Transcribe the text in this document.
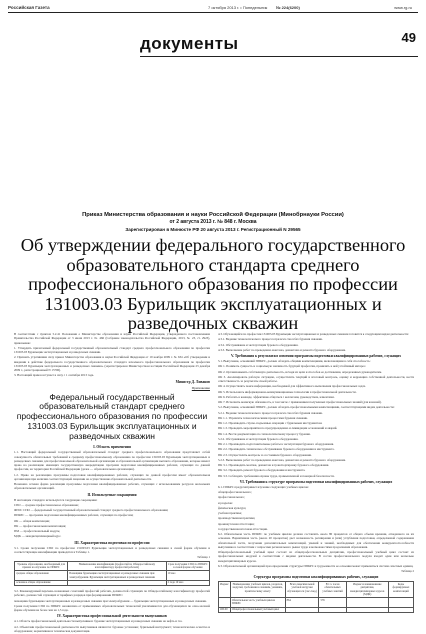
Российская Газета	7 октября 2013 г. • Понедельник № 224(6200)	www.rg.ru
документы	49
Приказ Министерства образования и науки Российской Федерации (Минобрнауки России)
от 2 августа 2013 г. № 848 г. Москва
Зарегистрирован в Минюсте РФ 20 августа 2013 г. Регистрационный N 29565
Об утверждении федерального государственного образовательного стандарта среднего профессионального образования по профессии 131003.03 Бурильщик эксплуатационных и разведочных скважин

В соответствии с пунктом 5.2.41 Положения о Министерстве образования и науки Российской Федерации, утвержденного постановлением Правительства Российской Федерации от 3 июня 2013 г. № 466 (Собрание законодательства Российской Федерации, 2013, № 23, ст. 2923), приказываю:

1. Утвердить прилагаемый федеральный государственный образовательный стандарт среднего профессионального образования по профессии 131003.03 Бурильщик эксплуатационных и разведочных скважин.

2. Признать утратившим силу приказ Министерства образования и науки Российской Федерации от 19 ноября 2009 г. № 634 «Об утверждении и введении в действие федерального государственного образовательного стандарта начального профессионального образования по профессии 131003.03 Бурильщик эксплуатационных и разведочных скважин» (зарегистрирован Министерством юстиции Российской Федерации 23 декабря 2009 г., регистрационный N 15790).

3. Настоящий приказ вступает в силу с 1 сентября 2013 года.

Министр Д. Ливанов
Приложение
Федеральный государственный образовательный стандарт среднего профессионального образования по профессии 131003.03 Бурильщик эксплуатационных и разведочных скважин
I. Область применения

1.1. Настоящий федеральный государственный образовательный стандарт среднего профессионального образования представляет собой совокупность обязательных требований к среднему профессиональному образованию по профессии 131003.03 Бурильщик эксплуатационных и разведочных скважин для профессиональной образовательной организации и образовательной организации высшего образования, которые имеют право на реализацию имеющих государственную аккредитацию программ подготовки квалифицированных рабочих, служащих по данной профессии, на территории Российской Федерации (далее — образовательная организация).

1.2. Право на реализацию программы подготовки квалифицированных рабочих, служащих по данной профессии имеет образовательная организация при наличии соответствующей лицензии на осуществление образовательной деятельности.

Возможна сетевая форма реализации программы подготовки квалифицированных рабочих, служащих с использованием ресурсов нескольких образовательных организаций.

II. Используемые сокращения

В настоящем стандарте используются следующие сокращения:

СПО — среднее профессиональное образование;

ФГОС СПО — федеральный государственный образовательный стандарт среднего профессионального образования;

ППКРС — программа подготовки квалифицированных рабочих, служащих по профессии;

ОК — общая компетенция;

ПК — профессиональная компетенция;

ПМ — профессиональный модуль;

МДК — междисциплинарный курс.

III. Характеристика подготовки по профессии

3.1. Сроки получения СПО по профессии 131003.03 Бурильщик эксплуатационных и разведочных скважин в очной форме обучения и соответствующие квалификации приводятся в Таблице 1.

Таблица 1
Уровень образования, необходимый для приема на обучение по ППКРС	Наименование квалификации (профессий по Общероссийскому классификатору профессий рабочих)	Срок получения СПО по ППКРС в очной форме обучения
среднее общее образование	Помощник бурильщика эксплуатационных и разведочных скважин при электробурении. Бурильщик эксплуатационных и разведочных скважин	10 мес.
основное общее образование		2 года 10 мес.

3.2. Рекомендуемый перечень возможных сочетаний профессий рабочих, должностей служащих по Общероссийскому классификатору профессий рабочих, должностей служащих и тарифных разрядов при формировании ППКРС:

помощник бурильщика эксплуатационных и разведочных скважин при электробурении — бурильщик эксплуатационных и разведочных скважин.

Сроки получения СПО по ППКРС независимо от применяемых образовательных технологий увеличиваются для обучающихся по очно-заочной форме обучения не более чем на 1,5 года.

IV. Характеристика профессиональной деятельности выпускников

4.1. Область профессиональной деятельности выпускников: бурение эксплуатационных и разведочных скважин на нефть и газ.

4.2. Объектами профессиональной деятельности выпускников являются: буровые установки; бурильный инструмент; технологическая оснастка и оборудование; нормативная и техническая документация.

4.3. Обучающийся по профессии 131003.03 Бурильщик эксплуатационных и разведочных скважин готовится к следующим видам деятельности:

4.3.1. Ведение технологического процесса при всех способах бурения скважин.

4.3.2. Обслуживание и эксплуатация бурового оборудования.

4.3.3. Выполнение работ по проведению монтажа, демонтажа и ремонта бурового оборудования.

V. Требования к результатам освоения программы подготовки квалифицированных рабочих, служащих

5.1. Выпускник, освоивший ППКРС, должен обладать общими компетенциями, включающими в себя способность:

ОК 1. Понимать сущность и социальную значимость будущей профессии, проявлять к ней устойчивый интерес.

ОК 2. Организовывать собственную деятельность, исходя из цели и способов ее достижения, определенных руководителем.

ОК 3. Анализировать рабочую ситуацию, осуществлять текущий и итоговый контроль, оценку и коррекцию собственной деятельности, нести ответственность за результаты своей работы.

ОК 4. Осуществлять поиск информации, необходимой для эффективного выполнения профессиональных задач.

ОК 5. Использовать информационно-коммуникационные технологии в профессиональной деятельности.

ОК 6. Работать в команде, эффективно общаться с коллегами, руководством, клиентами.

ОК 7. Исполнять воинскую обязанность, в том числе с применением полученных профессиональных знаний (для юношей).

5.2. Выпускник, освоивший ППКРС, должен обладать профессиональными компетенциями, соответствующими видам деятельности:

5.2.1. Ведение технологического процесса при всех способах бурения скважин.

ПК 1.1. Управлять технологическими процессами бурения скважин.

ПК 1.2. Производить спуско-подъемные операции с бурильным инструментом.

ПК 1.3. Проводить мероприятия по предупреждению и ликвидации осложнений и аварий.

ПК 1.4. Вести документацию по технологическому процессу бурения.

5.2.2. Обслуживание и эксплуатация бурового оборудования.

ПК 2.1. Производить подготовительные работы к эксплуатации бурового оборудования.

ПК 2.2. Производить техническое обслуживание бурового оборудования и инструмента.

ПК 2.3. Осуществлять контроль за состоянием бурового оборудования.

5.2.3. Выполнение работ по проведению монтажа, демонтажа и ремонта бурового оборудования.

ПК 3.1. Производить монтаж, демонтаж и транспортировку бурового оборудования.

ПК 3.2. Проводить ремонт бурового оборудования и инструмента.

ПК 3.3. Соблюдать требования охраны труда, промышленной и пожарной безопасности.

VI. Требования к структуре программы подготовки квалифицированных рабочих, служащих

6.1. ППКРС предусматривает изучение следующих учебных циклов:

общепрофессионального;

профессионального;

и разделов:

физическая культура;

учебная практика;

производственная практика;

промежуточная аттестация;

государственная итоговая аттестация.

6.2. Обязательная часть ППКРС по учебным циклам должна составлять около 80 процентов от общего объема времени, отведенного на их освоение. Вариативная часть (около 20 процентов) дает возможность расширения и (или) углубления подготовки, определяемой содержанием обязательной части, получения дополнительных компетенций, умений и знаний, необходимых для обеспечения конкурентоспособности выпускника в соответствии с запросами регионального рынка труда и возможностями продолжения образования.

Общепрофессиональный учебный цикл состоит из общепрофессиональных дисциплин, профессиональный учебный цикл состоит из профессиональных модулей в соответствии с видами деятельности. В состав профессионального модуля входит один или несколько междисциплинарных курсов.

6.3. Образовательной организацией при определении структуры ППКРС и трудоемкости ее освоения может применяться система зачетных единиц.

Таблица 2
Структура программы подготовки квалифицированных рабочих, служащих
Индекс	Наименование учебных циклов, разделов, модулей, требования к знаниям, умениям, практическому опыту	Всего максимальной учебной нагрузки обучающегося (час./нед.)	В т.ч. часов обязательных учебных занятий	Индекс и наименование дисциплин, междисциплинарных курсов (МДК)	Коды формируемых компетенций
	Обязательная часть учебных циклов ППКРС	864	576		
ОП.00	Общепрофессиональный учебный цикл				
